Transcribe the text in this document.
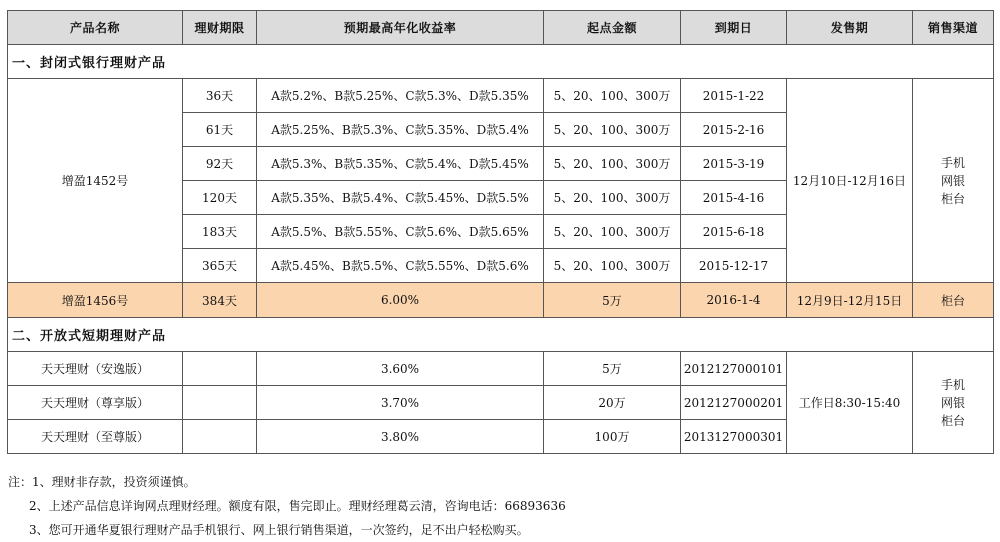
产品名称	理财期限	预期最高年化收益率	起点金额	到期日	发售期	销售渠道
一、封闭式银行理财产品						
增盈1452号	36天	A款5.2%、B款5.25%、C款5.3%、D款5.35%	5、20、100、300万	2015-1-22	12月10日-12月16日	手机
网银
柜台

	61天	A款5.25%、B款5.3%、C款5.35%、D款5.4%	5、20、100、300万	2015-2-16		
	92天	A款5.3%、B款5.35%、C款5.4%、D款5.45%	5、20、100、300万	2015-3-19		
	120天	A款5.35%、B款5.4%、C款5.45%、D款5.5%	5、20、100、300万	2015-4-16		
	183天	A款5.5%、B款5.55%、C款5.6%、D款5.65%	5、20、100、300万	2015-6-18		
	365天	A款5.45%、B款5.5%、C款5.55%、D款5.6%	5、20、100、300万	2015-12-17		
增盈1456号	384天	6.00%	5万	2016-1-4	12月9日-12月15日	柜台
二、开放式短期理财产品						
天天理财（安逸版）		3.60%	5万	2012127000101	工作日8:30-15:40	手机
网银
柜台

天天理财（尊享版）		3.70%	20万	2012127000201		
天天理财（至尊版）		3.80%	100万	2013127000301		
注：1、理财非存款，投资须谨慎。
2、上述产品信息详询网点理财经理。额度有限，售完即止。理财经理葛云清，咨询电话：66893636
3、您可开通华夏银行理财产品手机银行、网上银行销售渠道，一次签约，足不出户轻松购买。
